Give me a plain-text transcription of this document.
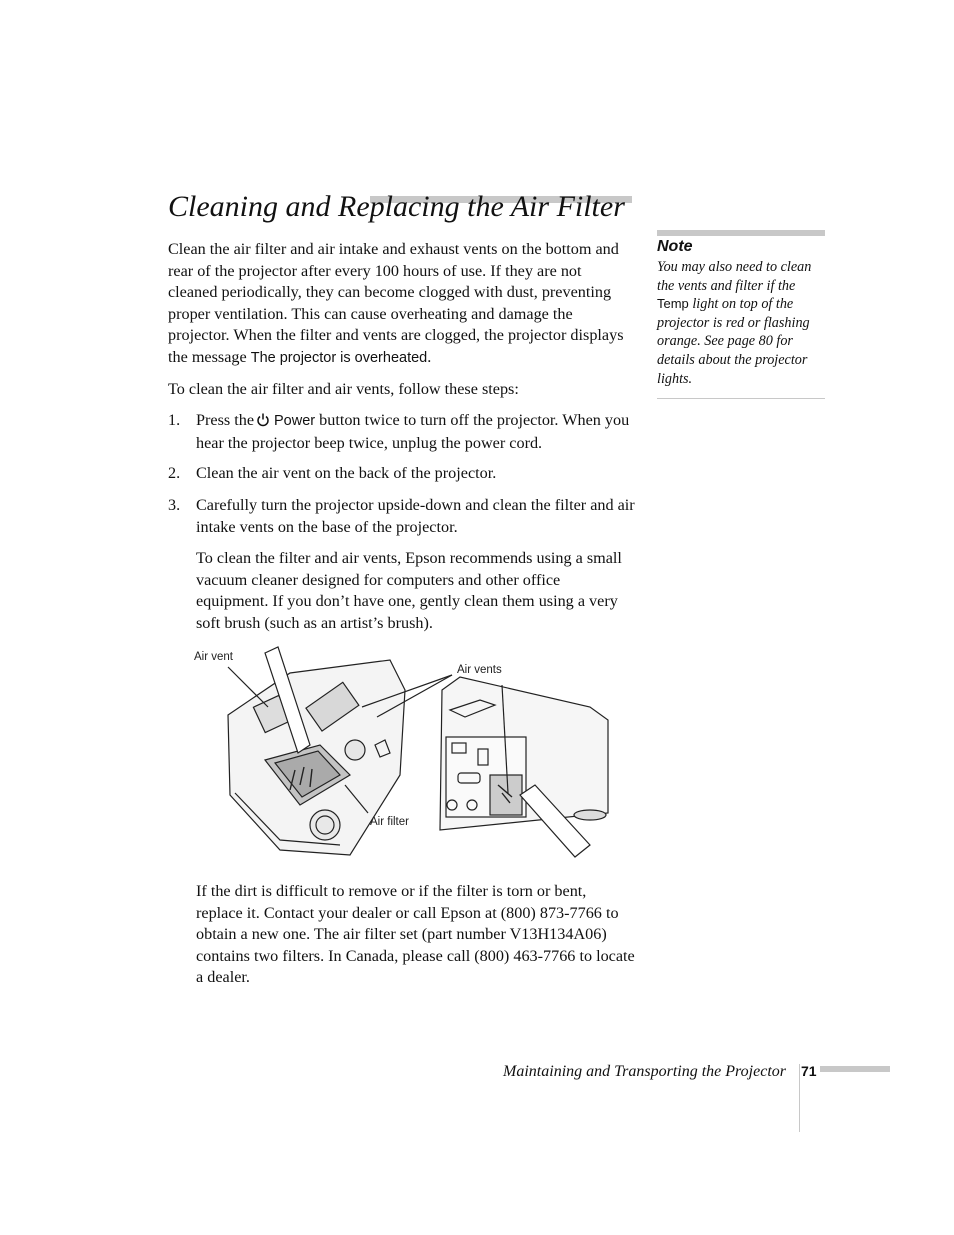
Cleaning and Replacing the Air Filter

Clean the air filter and air intake and exhaust vents on the bottom and rear of the projector after every 100 hours of use. If they are not cleaned periodically, they can become clogged with dust, preventing proper ventilation. This can cause overheating and damage the projector. When the filter and vents are clogged, the projector displays the message The projector is overheated.

To clean the air filter and air vents, follow these steps:

1. Press the Power button twice to turn off the projector. When you hear the projector beep twice, unplug the power cord.
2. Clean the air vent on the back of the projector.
3. Carefully turn the projector upside-down and clean the filter and air intake vents on the base of the projector.

To clean the filter and air vents, Epson recommends using a small vacuum cleaner designed for computers and other office equipment. If you don’t have one, gently clean them using a very soft brush (such as an artist’s brush).

Air vent
Air vents
Air filter

If the dirt is difficult to remove or if the filter is torn or bent, replace it. Contact your dealer or call Epson at (800) 873-7766 to obtain a new one. The air filter set (part number V13H134A06) contains two filters. In Canada, please call (800) 463-7766 to locate a dealer.

Note

You may also need to clean the vents and filter if the Temp light on top of the projector is red or flashing orange. See page 80 for details about the projector lights.

Maintaining and Transporting the Projector 71
